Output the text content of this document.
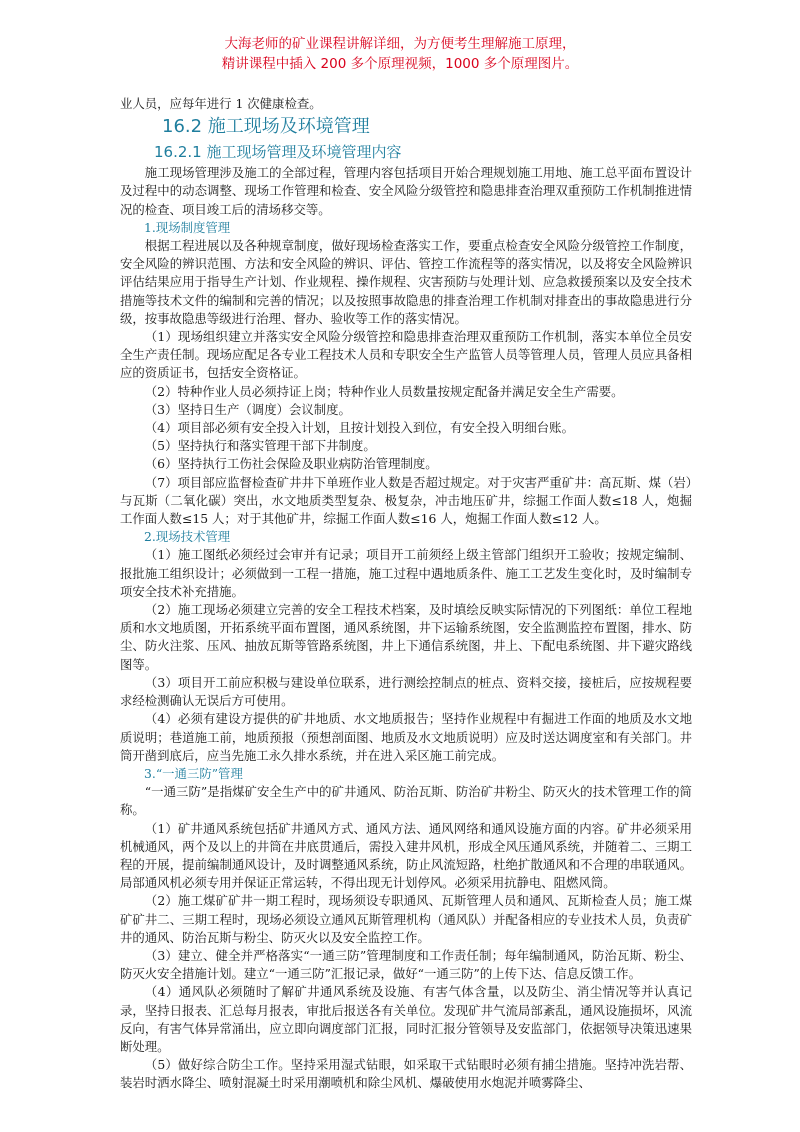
大海老师的矿业课程讲解详细，为方便考生理解施工原理，
精讲课程中插入 200 多个原理视频，1000 多个原理图片。

业人员，应每年进行 1 次健康检查。

16.2 施工现场及环境管理
16.2.1 施工现场管理及环境管理内容

施工现场管理涉及施工的全部过程，管理内容包括项目开始合理规划施工用地、施工总平面布置设计及过程中的动态调整、现场工作管理和检查、安全风险分级管控和隐患排查治理双重预防工作机制推进情况的检查、项目竣工后的清场移交等。

1.现场制度管理

根据工程进展以及各种规章制度，做好现场检查落实工作，要重点检查安全风险分级管控工作制度，安全风险的辨识范围、方法和安全风险的辨识、评估、管控工作流程等的落实情况，以及将安全风险辨识评估结果应用于指导生产计划、作业规程、操作规程、灾害预防与处理计划、应急救援预案以及安全技术措施等技术文件的编制和完善的情况；以及按照事故隐患的排查治理工作机制对排查出的事故隐患进行分级，按事故隐患等级进行治理、督办、验收等工作的落实情况。

（1）现场组织建立并落实安全风险分级管控和隐患排查治理双重预防工作机制，落实本单位全员安全生产责任制。现场应配足各专业工程技术人员和专职安全生产监管人员等管理人员，管理人员应具备相应的资质证书，包括安全资格证。

（2）特种作业人员必须持证上岗；特种作业人员数量按规定配备并满足安全生产需要。

（3）坚持日生产（调度）会议制度。

（4）项目部必须有安全投入计划，且按计划投入到位，有安全投入明细台账。

（5）坚持执行和落实管理干部下井制度。

（6）坚持执行工伤社会保险及职业病防治管理制度。

（7）项目部应监督检查矿井井下单班作业人数是否超过规定。对于灾害严重矿井：高瓦斯、煤（岩）与瓦斯（二氧化碳）突出，水文地质类型复杂、极复杂，冲击地压矿井，综掘工作面人数≤18 人，炮掘工作面人数≤15 人；对于其他矿井，综掘工作面人数≤16 人，炮掘工作面人数≤12 人。

2.现场技术管理

（1）施工图纸必须经过会审并有记录；项目开工前须经上级主管部门组织开工验收；按规定编制、报批施工组织设计；必须做到一工程一措施，施工过程中遇地质条件、施工工艺发生变化时，及时编制专项安全技术补充措施。

（2）施工现场必须建立完善的安全工程技术档案，及时填绘反映实际情况的下列图纸：单位工程地质和水文地质图，开拓系统平面布置图，通风系统图，井下运输系统图，安全监测监控布置图，排水、防尘、防火注浆、压风、抽放瓦斯等管路系统图，井上下通信系统图，井上、下配电系统图、井下避灾路线图等。

（3）项目开工前应积极与建设单位联系，进行测绘控制点的桩点、资料交接，接桩后，应按规程要求经检测确认无误后方可使用。

（4）必须有建设方提供的矿井地质、水文地质报告；坚持作业规程中有掘进工作面的地质及水文地质说明；巷道施工前，地质预报（预想剖面图、地质及水文地质说明）应及时送达调度室和有关部门。井筒开凿到底后，应当先施工永久排水系统，并在进入采区施工前完成。

3.“一通三防”管理

“一通三防”是指煤矿安全生产中的矿井通风、防治瓦斯、防治矿井粉尘、防灭火的技术管理工作的简称。

（1）矿井通风系统包括矿井通风方式、通风方法、通风网络和通风设施方面的内容。矿井必须采用机械通风，两个及以上的井筒在井底贯通后，需投入建井风机，形成全风压通风系统，并随着二、三期工程的开展，提前编制通风设计，及时调整通风系统，防止风流短路，杜绝扩散通风和不合理的串联通风。局部通风机必须专用并保证正常运转，不得出现无计划停风。必须采用抗静电、阻燃风筒。

（2）施工煤矿矿井一期工程时，现场须设专职通风、瓦斯管理人员和通风、瓦斯检查人员；施工煤矿矿井二、三期工程时，现场必须设立通风瓦斯管理机构（通风队）并配备相应的专业技术人员，负责矿井的通风、防治瓦斯与粉尘、防灭火以及安全监控工作。

（3）建立、健全并严格落实“一通三防”管理制度和工作责任制；每年编制通风，防治瓦斯、粉尘、防灭火安全措施计划。建立“一通三防”汇报记录，做好“一通三防”的上传下达、信息反馈工作。

（4）通风队必须随时了解矿井通风系统及设施、有害气体含量，以及防尘、消尘情况等并认真记录，坚持日报表、汇总每月报表，审批后报送各有关单位。发现矿井气流局部紊乱，通风设施损坏，风流反向，有害气体异常涌出，应立即向调度部门汇报，同时汇报分管领导及安监部门，依据领导决策迅速果断处理。

（5）做好综合防尘工作。坚持采用湿式钻眼，如采取干式钻眼时必须有捕尘措施。坚持冲洗岩帮、装岩时洒水降尘、喷射混凝土时采用潮喷机和除尘风机、爆破使用水炮泥并喷雾降尘、
